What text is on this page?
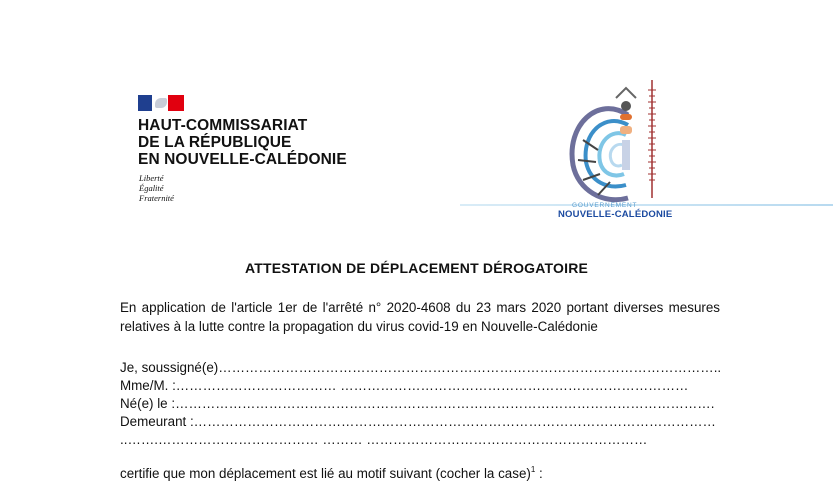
HAUT-COMMISSARIAT
DE LA RÉPUBLIQUE
EN NOUVELLE-CALÉDONIE
Liberté
Égalité
Fraternité
GOUVERNEMENT
NOUVELLE-CALÉDONIE
ATTESTATION DE DÉPLACEMENT DÉROGATOIRE
En application de l'article 1er de l'arrêté n° 2020-4608 du 23 mars 2020 portant diverses mesures relatives à la lutte contre la propagation du virus covid-19 en Nouvelle-Calédonie
Je, soussigné(e)…………………………………………………………………………………………………..
Mme/M. :……………………………… ……………………………………………………………………
Né(e) le :………………………………………………………………………………………………………….
Demeurant :………………………………………………………………………………………………………
..…….……………………………… ……… ………………………………………………………
certifie que mon déplacement est lié au motif suivant (cocher la case)$^1$ :
